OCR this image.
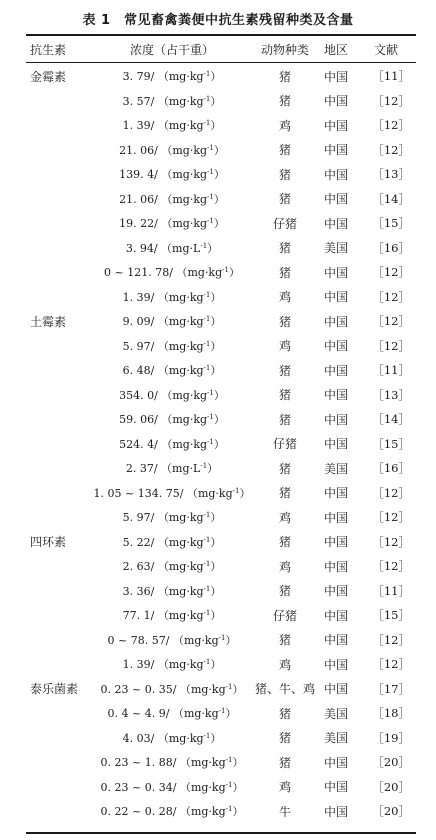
表 1　常见畜禽粪便中抗生素残留种类及含量
抗生素	浓度（占干重）	动物种类	地区	文献
金霉素	3. 79/ $(mg\cdot kg^{-1})$	猪	中国	［11］
	3. 57/ $(mg\cdot kg^{-1})$	猪	中国	［12］
	1. 39/ $(mg\cdot kg^{-1})$	鸡	中国	［12］
	21. 06/ $(mg\cdot kg^{-1})$	猪	中国	［12］
	139. 4/ $(mg\cdot kg^{-1})$	猪	中国	［13］
	21. 06/ $(mg\cdot kg^{-1})$	猪	中国	［14］
	19. 22/ $(mg\cdot kg^{-1})$	仔猪	中国	［15］
	3. 94/ $(mg\cdot L^{-1})$	猪	美国	［16］
	0 ~ 121. 78/ $(mg\cdot kg^{-1})$	猪	中国	［12］
	1. 39/ $(mg\cdot kg^{-1})$	鸡	中国	［12］
土霉素	9. 09/ $(mg\cdot kg^{-1})$	猪	中国	［12］
	5. 97/ $(mg\cdot kg^{-1})$	鸡	中国	［12］
	6. 48/ $(mg\cdot kg^{-1})$	猪	中国	［11］
	354. 0/ $(mg\cdot kg^{-1})$	猪	中国	［13］
	59. 06/ $(mg\cdot kg^{-1})$	猪	中国	［14］
	524. 4/ $(mg\cdot kg^{-1})$	仔猪	中国	［15］
	2. 37/ $(mg\cdot L^{-1})$	猪	美国	［16］
	1. 05 ~ 134. 75/ $(mg\cdot kg^{-1})$	猪	中国	［12］
	5. 97/ $(mg\cdot kg^{-1})$	鸡	中国	［12］
四环素	5. 22/ $(mg\cdot kg^{-1})$	猪	中国	［12］
	2. 63/ $(mg\cdot kg^{-1})$	鸡	中国	［12］
	3. 36/ $(mg\cdot kg^{-1})$	猪	中国	［11］
	77. 1/ $(mg\cdot kg^{-1})$	仔猪	中国	［15］
	0 ~ 78. 57/ $(mg\cdot kg^{-1})$	猪	中国	［12］
	1. 39/ $(mg\cdot kg^{-1})$	鸡	中国	［12］
泰乐菌素	0. 23 ~ 0. 35/ $(mg\cdot kg^{-1})$	猪、牛、鸡	中国	［17］
	0. 4 ~ 4. 9/ $(mg\cdot kg^{-1})$	猪	美国	［18］
	4. 03/ $(mg\cdot kg^{-1})$	猪	美国	［19］
	0. 23 ~ 1. 88/ $(mg\cdot kg^{-1})$	猪	中国	［20］
	0. 23 ~ 0. 34/ $(mg\cdot kg^{-1})$	鸡	中国	［20］
	0. 22 ~ 0. 28/ $(mg\cdot kg^{-1})$	牛	中国	［20］
